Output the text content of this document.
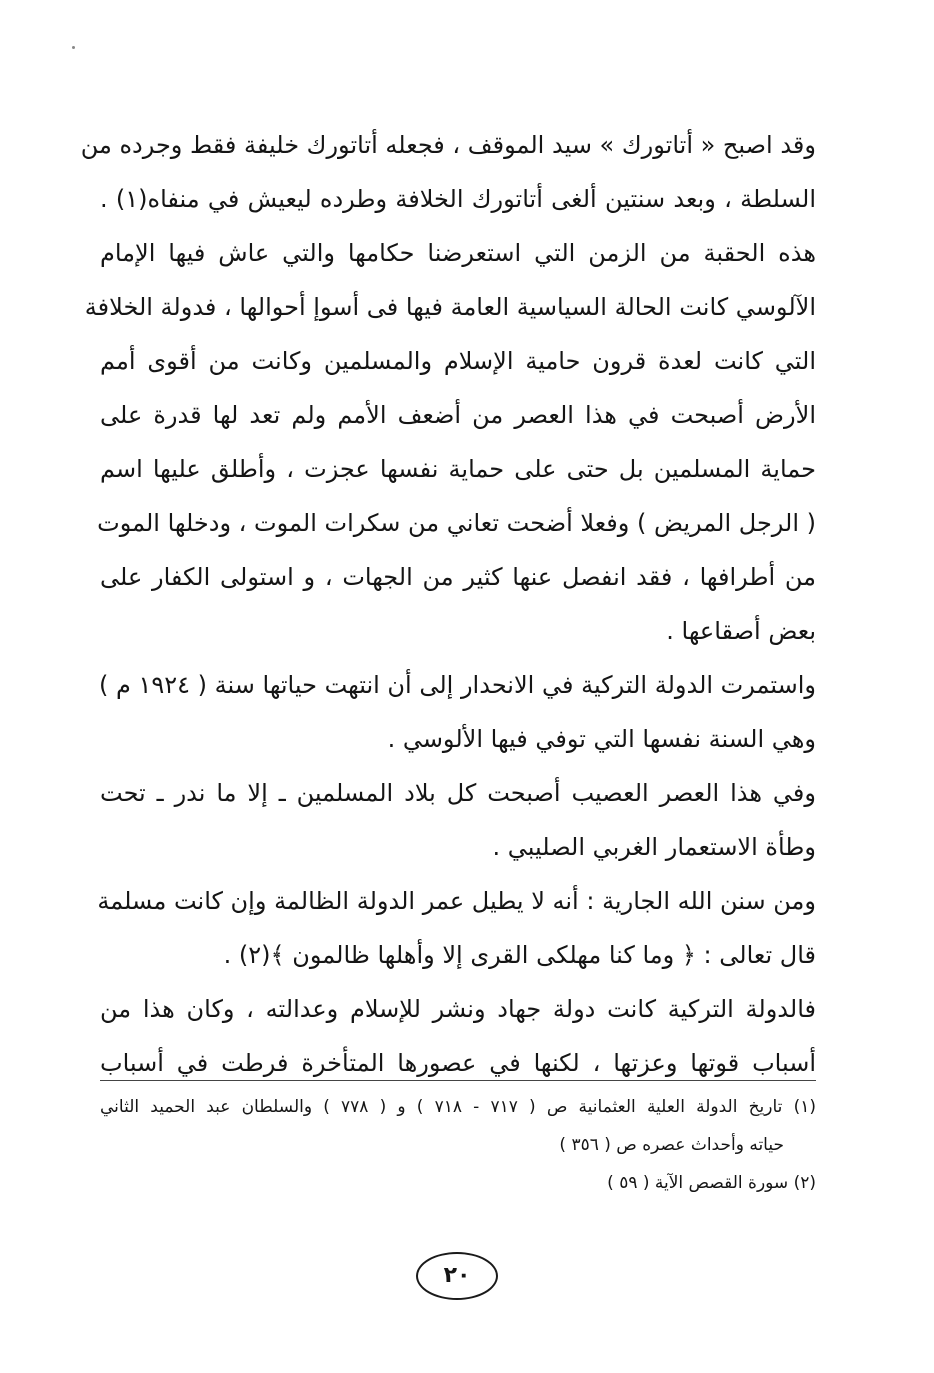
وقد اصبح « أتاتورك » سيد الموقف ، فجعله أتاتورك خليفة فقط وجرده من
السلطة ، وبعد سنتين ألغى أتاتورك الخلافة وطرده ليعيش في منفاه(١) .
هذه الحقبة من الزمن التي استعرضنا حكامها والتي عاش فيها الإمام
الآلوسي كانت الحالة السياسية العامة فيها فى أسوإ أحوالها ، فدولة الخلافة
التي كانت لعدة قرون حامية الإسلام والمسلمين وكانت من أقوى أمم
الأرض أصبحت في هذا العصر من أضعف الأمم ولم تعد لها قدرة على
حماية المسلمين بل حتى على حماية نفسها عجزت ، وأطلق عليها اسم
( الرجل المريض ) وفعلا أضحت تعاني من سكرات الموت ، ودخلها الموت
من أطرافها ، فقد انفصل عنها كثير من الجهات ، و استولى الكفار على
بعض أصقاعها .
واستمرت الدولة التركية في الانحدار إلى أن انتهت حياتها سنة ( ١٩٢٤ م )
وهي السنة نفسها التي توفي فيها الألوسي .
وفي هذا العصر العصيب أصبحت كل بلاد المسلمين ـ إلا ما ندر ـ تحت
وطأة الاستعمار الغربي الصليبي .
ومن سنن الله الجارية : أنه لا يطيل عمر الدولة الظالمة وإن كانت مسلمة
قال تعالى : ﴿ وما كنا مهلكى القرى إلا وأهلها ظالمون ﴾(٢) .
فالدولة التركية كانت دولة جهاد ونشر للإسلام وعدالته ، وكان هذا من
أسباب قوتها وعزتها ، لكنها في عصورها المتأخرة فرطت في أسباب
(١) تاريخ الدولة العلية العثمانية ص ( ٧١٧ - ٧١٨ ) و ( ٧٧٨ ) والسلطان عبد الحميد الثاني
حياته وأحداث عصره ص ( ٣٥٦ )
(٢) سورة القصص الآية ( ٥٩ )
٢٠
